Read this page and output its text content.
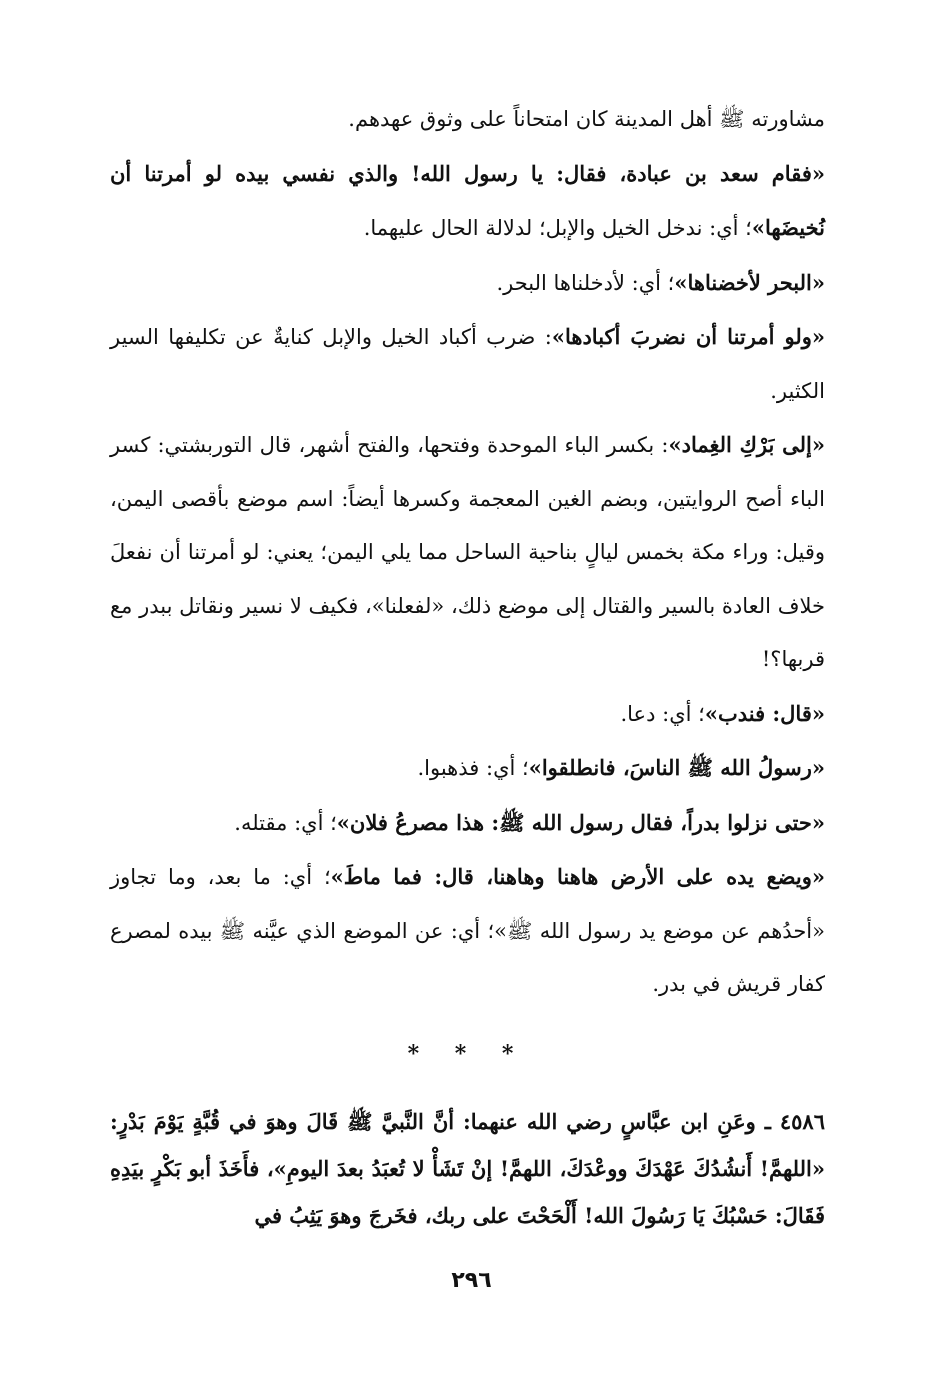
مشاورته ﷺ أهل المدينة كان امتحاناً على وثوق عهدهم.

«فقام سعد بن عبادة، فقال: يا رسول الله! والذي نفسي بيده لو أمرتنا أن نُخيضَها»؛ أي: ندخل الخيل والإبل؛ لدلالة الحال عليهما.

«البحر لأخضناها»؛ أي: لأدخلناها البحر.

«ولو أمرتنا أن نضربَ أكبادها»: ضرب أكباد الخيل والإبل كنايةٌ عن تكليفها السير الكثير.

«إلى بَرْكِ الغِماد»: بكسر الباء الموحدة وفتحها، والفتح أشهر، قال التوربشتي: كسر الباء أصح الروايتين، وبضم الغين المعجمة وكسرها أيضاً: اسم موضع بأقصى اليمن، وقيل: وراء مكة بخمس ليالٍ بناحية الساحل مما يلي اليمن؛ يعني: لو أمرتنا أن نفعلَ خلاف العادة بالسير والقتال إلى موضع ذلك، «لفعلنا»، فكيف لا نسير ونقاتل ببدر مع قربها؟!

«قال: فندب»؛ أي: دعا.

«رسولُ الله ﷺ الناسَ، فانطلقوا»؛ أي: فذهبوا.

«حتى نزلوا بدراً، فقال رسول الله ﷺ: هذا مصرعُ فلان»؛ أي: مقتله.

«ويضع يده على الأرض هاهنا وهاهنا، قال: فما ماطَ»؛ أي: ما بعد، وما تجاوز «أحدُهم عن موضع يد رسول الله ﷺ»؛ أي: عن الموضع الذي عيَّنه ﷺ بيده لمصرع كفار قريش في بدر.

* * *

٤٥٨٦ ـ وعَنِ ابن عبَّاسٍ رضي الله عنهما: أنَّ النَّبيَّ ﷺ قَالَ وهوَ في قُبَّةٍ يَوْمَ بَدْرٍ: «اللهمَّ! أَنشُدُكَ عَهْدَكَ ووعْدَكَ، اللهمَّ! إنْ تَشَأْ لا تُعبَدُ بعدَ اليومِ»، فأَخَذَ أبو بَكْرٍ بيَدِهِ فَقَالَ: حَسْبُكَ يَا رَسُولَ الله! أَلْحَحْتَ على ربك، فخَرجَ وهوَ يَثِبُ في

٢٩٦
